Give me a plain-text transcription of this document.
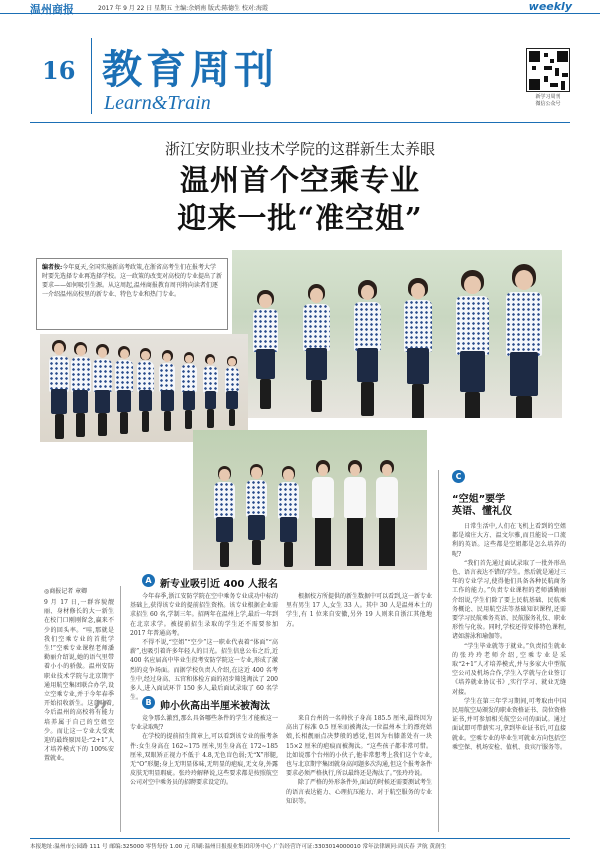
温州商报	2017 年 9 月 22 日 星期五 主编:余炳南 版式:陈德生 校对:海霞	weekly
16 教育周刊
Learn&Train	新学习周刊
微信公众号
浙江安防职业技术学院的这群新生太养眼
温州首个空乘专业
迎来一批“准空姐”
编者按:今年夏天,全国实施新高考政策,在浙省高考生们在报考大学时要先选择专业再选择学校。这一政策的改变对高校的专业提出了新要求——如何吸引生源。从这周起,温州商报教育周刊将向读者们逐一介绍温州高校里的新专业、特色专业和热门专业。
◎商报记者 章卿
9 月 17 日,一群容貌靓丽、身材修长的大一新生在校门口刚刚留念,赢来不少的回头率。“哇,那就是我们空乘专业的首批学生!”空乘专业课程老师潘勤丽介绍说,她的语气里带着小小的骄傲。温州安防职业技术学院与北京期宇通用航空集团联合办学,设立空乘专业,并于今年春季开始招收新生。这意味着,今后温州的高校将有能力培养属于自己的空姐空少。而让这一专业大受欢迎的最终原因是:“2+1”人才培养模式下的 100%安置就业。
”
A 新专业吸引近 400 人报名

今年春季,浙江安防学院在空中乘务专业成功中标的基础上,获得该专业的提前招生资格。该专业根据企业需求招生 60 名,学制三年。招两年在温州上学,最后一年到在北京求学。被提前招生录取的学生还不需要参加 2017 年普通高考。

不得不说,“空姐”“空少”这一职业代表着“体面”“高薪”,也吸引着许多年轻人的目光。招生信息公布之后,近 400 名应届高中毕业生投考安防学院这一专业,形成了激烈的竞争场面。而据学校负责人介绍,在这近 400 名考生中,经过身高、五官和体检方面的初步筛选淘汰了 200 多人,进入面试环节 150 多人,最后面试录取了 60 名学生。

根据校方所提供的新生数据中可以看到,这一新专业里有男生 17 人,女生 33 人。其中 30 人是温州本土的学生,有 1 位来自安徽,另外 19 人则来自浙江其他地方。

B 帅小伙高出半厘米被淘汰

竞争那么激烈,那么具备哪些条件的学生才能被这一专业录取呢?

在学校的提前招生简章上,可以看到该专业的报考条件:女生身高在 162~175 厘米,男生身高在 172~185 厘米,双眼矫正视力不低于 4.8,无色盲色弱;无“X”形腿,无“O”形腿;身上无明显体味,无明显的疤痕,无文身,外露皮肤无明显瑕疵。张玲玲解释说,这些要求都是按照航空公司对空中乘务员的招聘要求设定的。

来自台州的一名帅伙子身高 185.5 厘米,最终因为高出了标准 0.5 厘米而被淘汰;一位温州本土的漂亮姑娘,长相靓丽点决梦般的感觉,但因为右膝盖处有一块 15×2 厘米的疤痕而被淘汰。“这些孩子都非常可惜。比如说那个台州的小伙子,他非常想考上我们这个专业,也与北京期宇集团就身高问题多次沟通,但这个报考条件要求必须严格执行,所以最终还是淘汰了。”张玲玲说。

除了严格的外形条件外,面试的时候还需要测试考生的语言表达能力、心理抗压能力、对于航空服务的专业知识等。

C
“空姐”要学
英语、懂礼仪

日常生活中,人们在飞机上看到的空姐都是端庄大方、温文尔雅,而且能说一口流利的英语。这些都是空姐都是怎么培养的呢?

“我们首先通过面试录取了一批外形出色、语言表达不错的学生。然后就是通过三年的专业学习,使得他们具备各种民航商务工作的能力。”负责专业课程的老师潘勤丽介绍说,学生们除了要上民航基础、民航乘务概论、民用航空法等基础知识课程,还需要学习民航乘务英语、民航服务礼仪、职业形性与化妆。同时,学校还得安排特色课程,诸如游泳和瑜伽等。

“学生毕业就等于就业。”负责招生就业的张玲玲老师介绍,空乘专业是采取“2+1”人才培养模式,并与多家大中型航空公司及机场合作,学生入学就与企业签订《培养就业协议书》,实行学习、就业无缝对接。

学生在第三年学习期间,可考取由中国民用航空局颁发的职业资格证书、岗位资格证书,并可参加相关航空公司的面试。通过面试即可带薪实习,拿到毕业证书后,可直接就业。空乘专业的毕业生可就业方向包括空乘空保、机场安检、值机、贵宾厅服务等。

本报地址:温州市公园路 111 号 邮编:325000 零售每份 1.00 元 印刷:温州日报报业集团印务中心 广告经营许可证:3303014000010 常年法律顾问:周庆春 尹航 黄润生
